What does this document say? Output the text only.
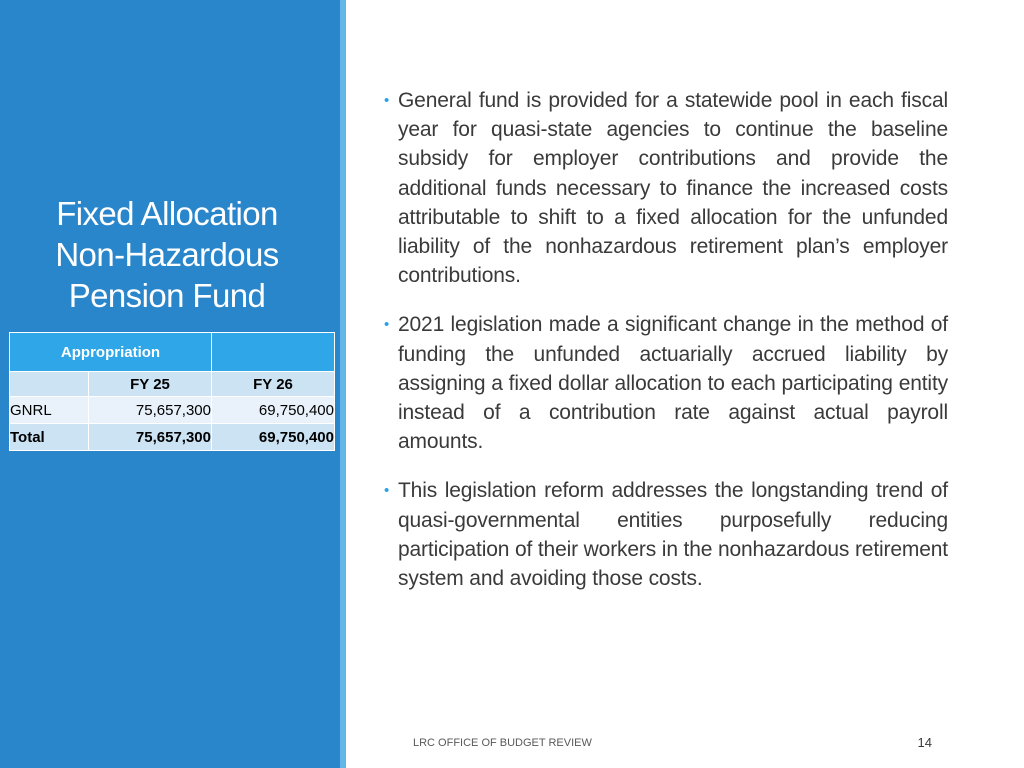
Fixed Allocation
Non-Hazardous
Pension Fund
Appropriation		
	FY 25	FY 26
GNRL	75,657,300	69,750,400
Total	75,657,300	69,750,400
• General fund is provided for a statewide pool in each fiscal year for quasi-state agencies to continue the baseline subsidy for employer contributions and provide the additional funds necessary to finance the increased costs attributable to shift to a fixed allocation for the unfunded liability of the nonhazardous retirement plan’s employer contributions.
• 2021 legislation made a significant change in the method of funding the unfunded actuarially accrued liability by assigning a fixed dollar allocation to each participating entity instead of a contribution rate against actual payroll amounts.
• This legislation reform addresses the longstanding trend of quasi-governmental entities purposefully reducing participation of their workers in the nonhazardous retirement system and avoiding those costs.
LRC OFFICE OF BUDGET REVIEW	14
